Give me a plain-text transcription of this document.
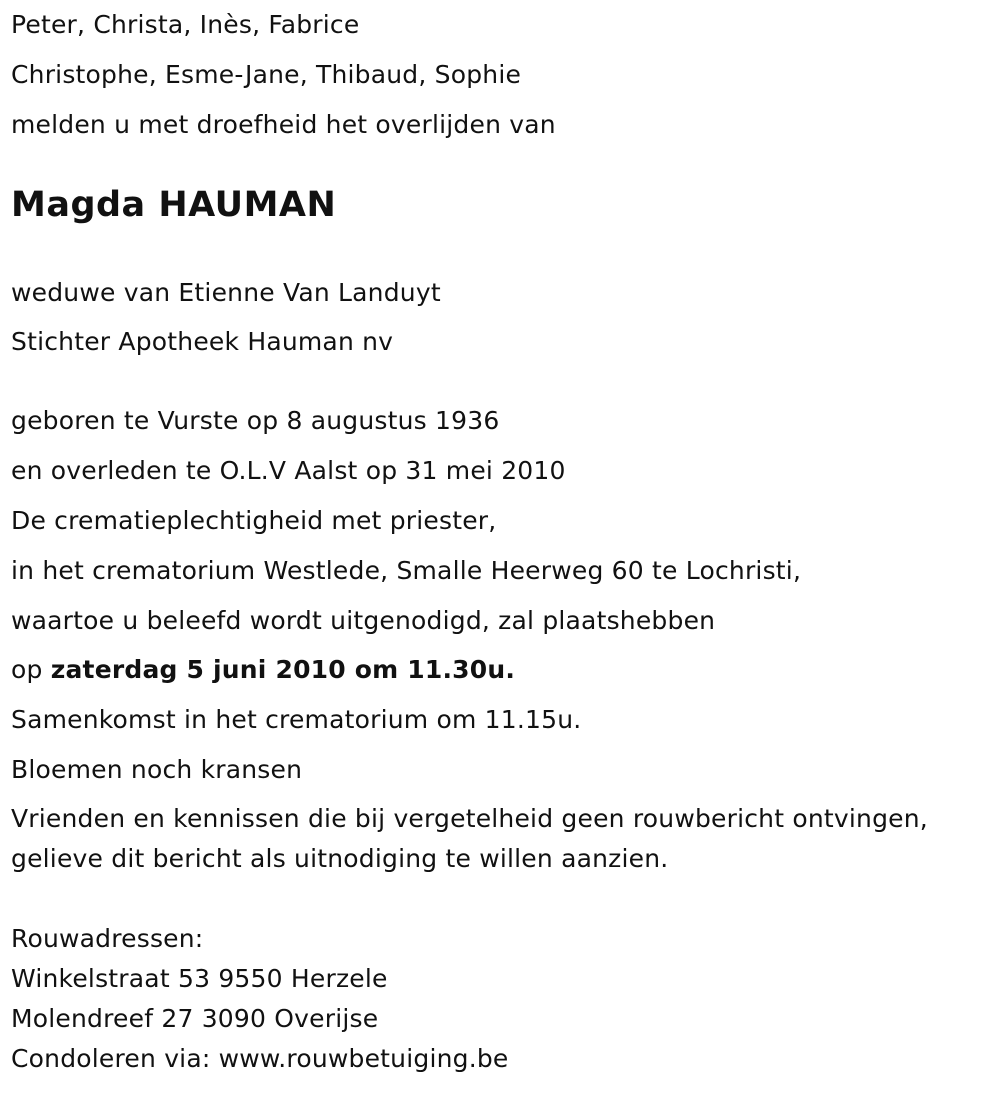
Peter, Christa, Inès, Fabrice
Christophe, Esme-Jane, Thibaud, Sophie
melden u met droefheid het overlijden van
Magda HAUMAN
weduwe van Etienne Van Landuyt
Stichter Apotheek Hauman nv
geboren te Vurste op 8 augustus 1936
en overleden te O.L.V Aalst op 31 mei 2010
De crematieplechtigheid met priester,
in het crematorium Westlede, Smalle Heerweg 60 te Lochristi,
waartoe u beleefd wordt uitgenodigd, zal plaatshebben
op zaterdag 5 juni 2010 om 11.30u.
Samenkomst in het crematorium om 11.15u.
Bloemen noch kransen
Vrienden en kennissen die bij vergetelheid geen rouwbericht ontvingen,
gelieve dit bericht als uitnodiging te willen aanzien.
Rouwadressen:
Winkelstraat 53 9550 Herzele
Molendreef 27 3090 Overijse
Condoleren via: www.rouwbetuiging.be
